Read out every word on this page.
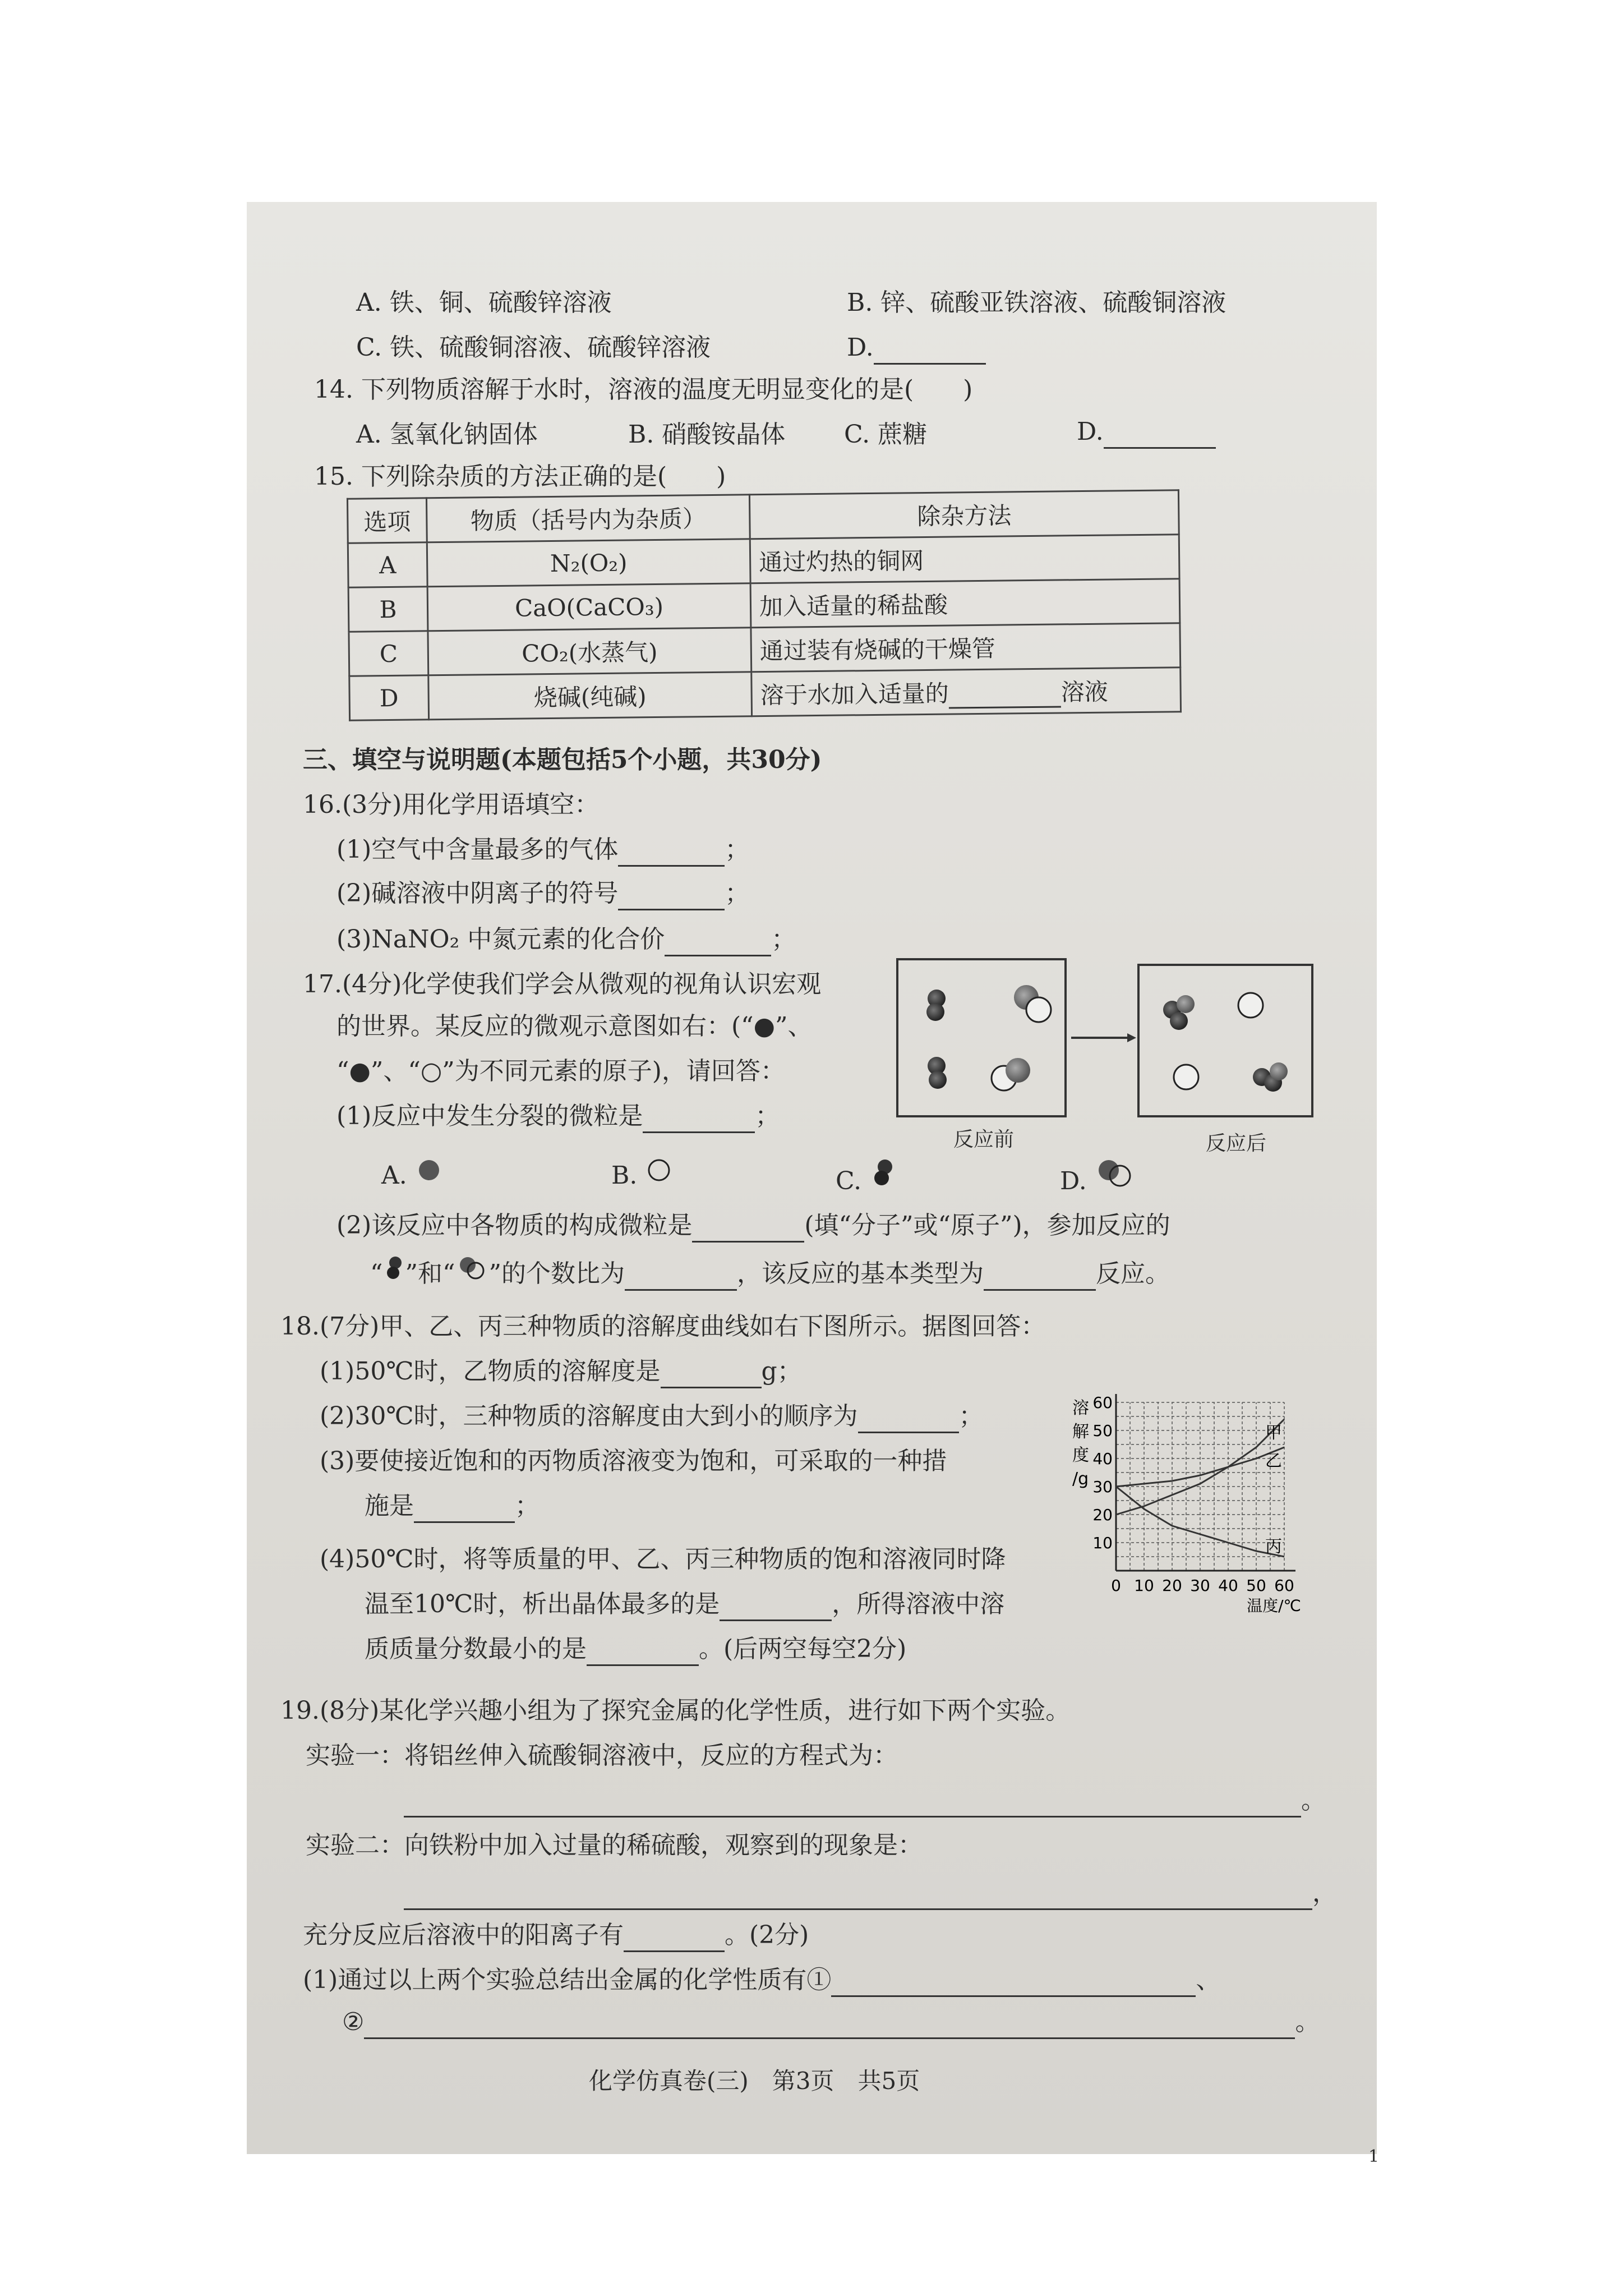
A. 铁、铜、硫酸锌溶液	B. 锌、硫酸亚铁溶液、硫酸铜溶液
C. 铁、硫酸铜溶液、硫酸锌溶液	D.
14. 下列物质溶解于水时，溶液的温度无明显变化的是(　　)
A. 氢氧化钠固体	B. 硝酸铵晶体 C. 蔗糖	D.
15. 下列除杂质的方法正确的是(　　)
选项	物质（括号内为杂质）	除杂方法
A	N₂(O₂)	通过灼热的铜网
B	CaO(CaCO₃)	加入适量的稀盐酸
C	CO₂(水蒸气)	通过装有烧碱的干燥管
D	烧碱(纯碱)	溶于水加入适量的 溶液
三、填空与说明题(本题包括5个小题，共30分)
16.(3分)用化学用语填空：
(1)空气中含量最多的气体	；
(2)碱溶液中阴离子的符号	；
(3)NaNO₂ 中氮元素的化合价	；
17.(4分)化学使我们学会从微观的视角认识宏观
的世界。某反应的微观示意图如右：(“●”、
“●”、“○”为不同元素的原子)，请回答：
(1)反应中发生分裂的微粒是	；
反应前	反应后
A.	B.	C.	D.
(2)该反应中各物质的构成微粒是	(填“分子”或“原子”)，参加反应的
“ ”和“ ”的个数比为	，该反应的基本类型为	反应。
18.(7分)甲、乙、丙三种物质的溶解度曲线如右下图所示。据图回答：
(1)50℃时，乙物质的溶解度是	g；
(2)30℃时，三种物质的溶解度由大到小的顺序为	；
(3)要使接近饱和的丙物质溶液变为饱和，可采取的一种措
施是	；
(4)50℃时，将等质量的甲、乙、丙三种物质的饱和溶液同时降
温至10℃时，析出晶体最多的是	，所得溶液中溶
质质量分数最小的是	。(后两空每空2分)
0 10 20 30 40 50 60
10
20
30
40
50
60
溶
解
度
/g
温度/℃
甲
乙
丙
19.(8分)某化学兴趣小组为了探究金属的化学性质，进行如下两个实验。
实验一：将铝丝伸入硫酸铜溶液中，反应的方程式为：
。
实验二：向铁粉中加入过量的稀硫酸，观察到的现象是：
，
充分反应后溶液中的阳离子有	。(2分)
(1)通过以上两个实验总结出金属的化学性质有①	、
②	。
化学仿真卷(三)　第3页　共5页
1
